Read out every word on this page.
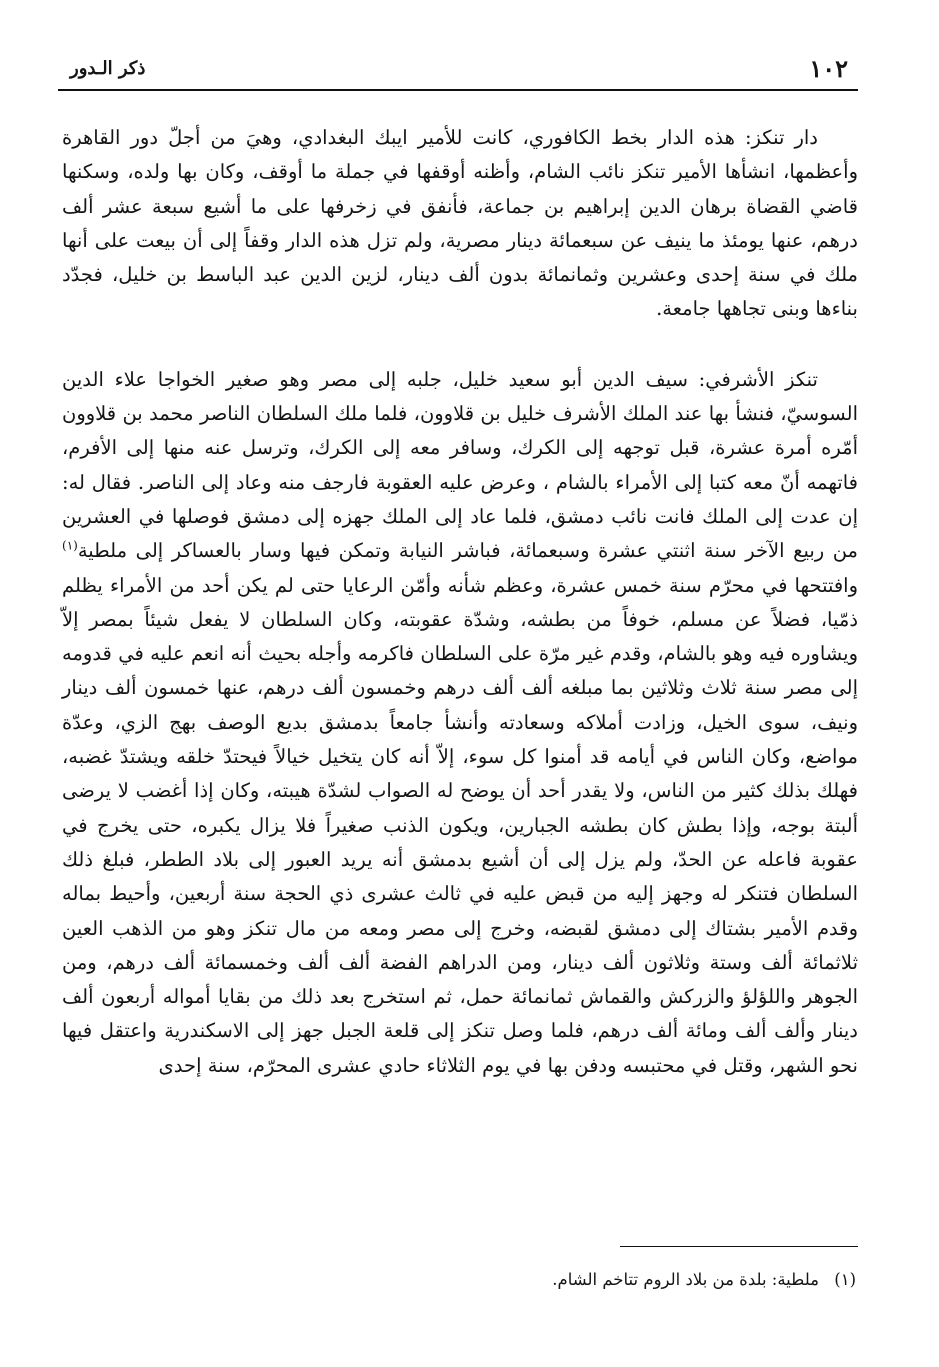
١٠٢
ذكر الـدور

دار تنكز: هذه الدار بخط الكافوري، كانت للأمير ايبك البغدادي، وهيَ من أجلّ دور القاهرة وأعظمها، انشأها الأمير تنكز نائب الشام، وأظنه أوقفها في جملة ما أوقف، وكان بها ولده، وسكنها قاضي القضاة برهان الدين إبراهيم بن جماعة، فأنفق في زخرفها على ما أشيع سبعة عشر ألف درهم، عنها يومئذ ما ينيف عن سبعمائة دينار مصرية، ولم تزل هذه الدار وقفاً إلى أن بيعت على أنها ملك في سنة إحدى وعشرين وثمانمائة بدون ألف دينار، لزين الدين عبد الباسط بن خليل، فجدّد بناءها وبنى تجاهها جامعة.

تنكز الأشرفي: سيف الدين أبو سعيد خليل، جلبه إلى مصر وهو صغير الخواجا علاء الدين السوسيّ، فنشأ بها عند الملك الأشرف خليل بن قلاوون، فلما ملك السلطان الناصر محمد بن قلاوون أمّره أمرة عشرة، قبل توجهه إلى الكرك، وسافر معه إلى الكرك، وترسل عنه منها إلى الأفرم، فاتهمه أنّ معه كتبا إلى الأمراء بالشام ، وعرض عليه العقوبة فارجف منه وعاد إلى الناصر. فقال له: إن عدت إلى الملك فانت نائب دمشق، فلما عاد إلى الملك جهزه إلى دمشق فوصلها في العشرين من ربيع الآخر سنة اثنتي عشرة وسبعمائة، فباشر النيابة وتمكن فيها وسار بالعساكر إلى ملطية$^{(١)}$ وافتتحها في محرّم سنة خمس عشرة، وعظم شأنه وأمّن الرعايا حتى لم يكن أحد من الأمراء يظلم ذمّيا، فضلاً عن مسلم، خوفاً من بطشه، وشدّة عقوبته، وكان السلطان لا يفعل شيئاً بمصر إلاّ ويشاوره فيه وهو بالشام، وقدم غير مرّة على السلطان فاكرمه وأجله بحيث أنه انعم عليه في قدومه إلى مصر سنة ثلاث وثلاثين بما مبلغه ألف ألف درهم وخمسون ألف درهم، عنها خمسون ألف دينار ونيف، سوى الخيل، وزادت أملاكه وسعادته وأنشأ جامعاً بدمشق بديع الوصف بهج الزي، وعدّة مواضع، وكان الناس في أيامه قد أمنوا كل سوء، إلاّ أنه كان يتخيل خيالاً فيحتدّ خلقه ويشتدّ غضبه، فهلك بذلك كثير من الناس، ولا يقدر أحد أن يوضح له الصواب لشدّة هيبته، وكان إذا أغضب لا يرضى ألبتة بوجه، وإذا بطش كان بطشه الجبارين، ويكون الذنب صغيراً فلا يزال يكبره، حتى يخرج في عقوبة فاعله عن الحدّ، ولم يزل إلى أن أشيع بدمشق أنه يريد العبور إلى بلاد الططر، فبلغ ذلك السلطان فتنكر له وجهز إليه من قبض عليه في ثالث عشرى ذي الحجة سنة أربعين، وأحيط بماله وقدم الأمير بشتاك إلى دمشق لقبضه، وخرج إلى مصر ومعه من مال تنكز وهو من الذهب العين ثلاثمائة ألف وستة وثلاثون ألف دينار، ومن الدراهم الفضة ألف ألف وخمسمائة ألف درهم، ومن الجوهر واللؤلؤ والزركش والقماش ثمانمائة حمل، ثم استخرج بعد ذلك من بقايا أمواله أربعون ألف دينار وألف ألف ومائة ألف درهم، فلما وصل تنكز إلى قلعة الجبل جهز إلى الاسكندرية واعتقل فيها نحو الشهر، وقتل في محتبسه ودفن بها في يوم الثلاثاء حادي عشرى المحرّم، سنة إحدى

(١) ملطية: بلدة من بلاد الروم تتاخم الشام.
